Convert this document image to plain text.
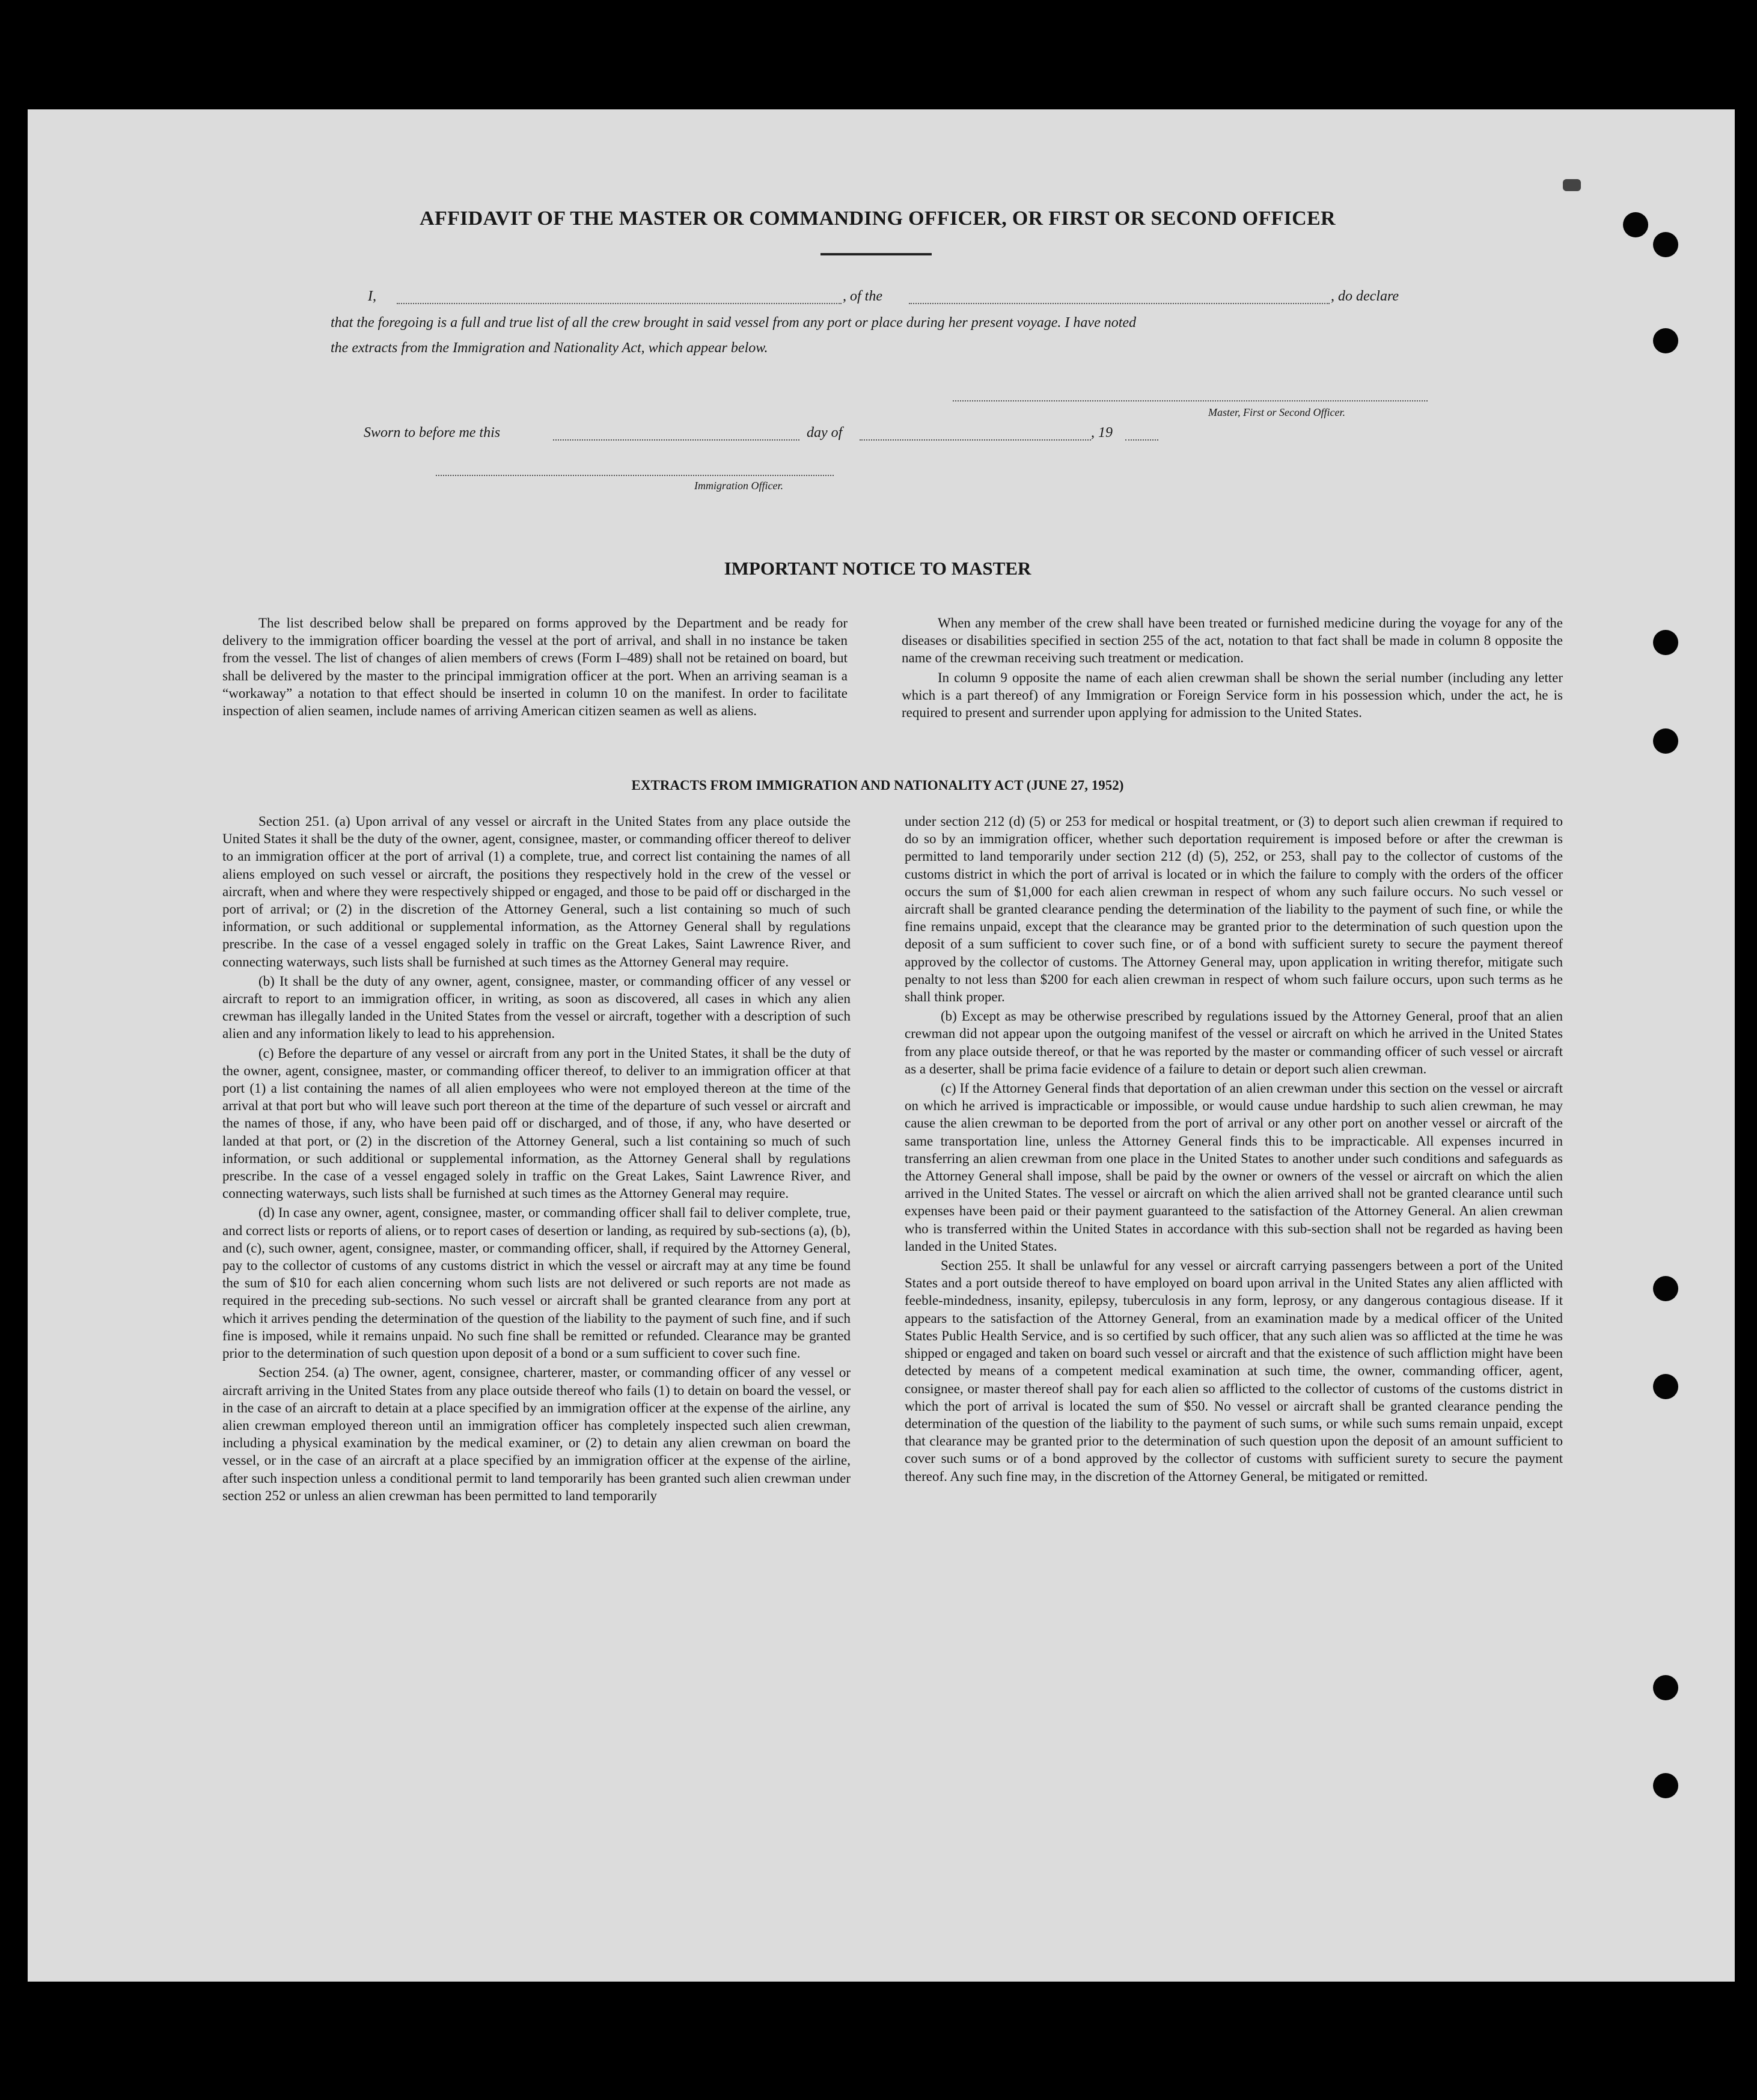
AFFIDAVIT OF THE MASTER OR COMMANDING OFFICER, OR FIRST OR SECOND OFFICER
I,	, of the	, do declare
that the foregoing is a full and true list of all the crew brought in said vessel from any port or place during her present voyage. I have noted
the extracts from the Immigration and Nationality Act, which appear below.
Master, First or Second Officer.
Sworn to before me this	day of	, 19
Immigration Officer.
IMPORTANT NOTICE TO MASTER

The list described below shall be prepared on forms approved by the Department and be ready for delivery to the immigration officer boarding the vessel at the port of arrival, and shall in no instance be taken from the vessel. The list of changes of alien members of crews (Form I–489) shall not be retained on board, but shall be delivered by the master to the principal immigration officer at the port. When an arriving seaman is a “workaway” a notation to that effect should be inserted in column 10 on the manifest. In order to facilitate inspection of alien seamen, include names of arriving American citizen seamen as well as aliens.

When any member of the crew shall have been treated or furnished medicine during the voyage for any of the diseases or disabilities specified in section 255 of the act, notation to that fact shall be made in column 8 opposite the name of the crewman receiving such treatment or medication.

In column 9 opposite the name of each alien crewman shall be shown the serial number (including any letter which is a part thereof) of any Immigration or Foreign Service form in his possession which, under the act, he is required to present and surrender upon applying for admission to the United States.

EXTRACTS FROM IMMIGRATION AND NATIONALITY ACT (JUNE 27, 1952)

Section 251. (a) Upon arrival of any vessel or aircraft in the United States from any place outside the United States it shall be the duty of the owner, agent, consignee, master, or commanding officer thereof to deliver to an immigration officer at the port of arrival (1) a complete, true, and correct list containing the names of all aliens employed on such vessel or aircraft, the positions they respectively hold in the crew of the vessel or aircraft, when and where they were respectively shipped or engaged, and those to be paid off or discharged in the port of arrival; or (2) in the discretion of the Attorney General, such a list containing so much of such information, or such additional or supplemental information, as the Attorney General shall by regulations prescribe. In the case of a vessel engaged solely in traffic on the Great Lakes, Saint Lawrence River, and connecting waterways, such lists shall be furnished at such times as the Attorney General may require.

(b) It shall be the duty of any owner, agent, consignee, master, or commanding officer of any vessel or aircraft to report to an immigration officer, in writing, as soon as discovered, all cases in which any alien crewman has illegally landed in the United States from the vessel or aircraft, together with a description of such alien and any information likely to lead to his apprehension.

(c) Before the departure of any vessel or aircraft from any port in the United States, it shall be the duty of the owner, agent, consignee, master, or commanding officer thereof, to deliver to an immigration officer at that port (1) a list containing the names of all alien employees who were not employed thereon at the time of the arrival at that port but who will leave such port thereon at the time of the departure of such vessel or aircraft and the names of those, if any, who have been paid off or discharged, and of those, if any, who have deserted or landed at that port, or (2) in the discretion of the Attorney General, such a list containing so much of such information, or such additional or supplemental information, as the Attorney General shall by regulations prescribe. In the case of a vessel engaged solely in traffic on the Great Lakes, Saint Lawrence River, and connecting waterways, such lists shall be furnished at such times as the Attorney General may require.

(d) In case any owner, agent, consignee, master, or commanding officer shall fail to deliver complete, true, and correct lists or reports of aliens, or to report cases of desertion or landing, as required by sub-sections (a), (b), and (c), such owner, agent, consignee, master, or commanding officer, shall, if required by the Attorney General, pay to the collector of customs of any customs district in which the vessel or aircraft may at any time be found the sum of $10 for each alien concerning whom such lists are not delivered or such reports are not made as required in the preceding sub-sections. No such vessel or aircraft shall be granted clearance from any port at which it arrives pending the determination of the question of the liability to the payment of such fine, and if such fine is imposed, while it remains unpaid. No such fine shall be remitted or refunded. Clearance may be granted prior to the determination of such question upon deposit of a bond or a sum sufficient to cover such fine.

Section 254. (a) The owner, agent, consignee, charterer, master, or commanding officer of any vessel or aircraft arriving in the United States from any place outside thereof who fails (1) to detain on board the vessel, or in the case of an aircraft to detain at a place specified by an immigration officer at the expense of the airline, any alien crewman employed thereon until an immigration officer has completely inspected such alien crewman, including a physical examination by the medical examiner, or (2) to detain any alien crewman on board the vessel, or in the case of an aircraft at a place specified by an immigration officer at the expense of the airline, after such inspection unless a conditional permit to land temporarily has been granted such alien crewman under section 252 or unless an alien crewman has been permitted to land temporarily

under section 212 (d) (5) or 253 for medical or hospital treatment, or (3) to deport such alien crewman if required to do so by an immigration officer, whether such deportation requirement is imposed before or after the crewman is permitted to land temporarily under section 212 (d) (5), 252, or 253, shall pay to the collector of customs of the customs district in which the port of arrival is located or in which the failure to comply with the orders of the officer occurs the sum of $1,000 for each alien crewman in respect of whom any such failure occurs. No such vessel or aircraft shall be granted clearance pending the determination of the liability to the payment of such fine, or while the fine remains unpaid, except that the clearance may be granted prior to the determination of such question upon the deposit of a sum sufficient to cover such fine, or of a bond with sufficient surety to secure the payment thereof approved by the collector of customs. The Attorney General may, upon application in writing therefor, mitigate such penalty to not less than $200 for each alien crewman in respect of whom such failure occurs, upon such terms as he shall think proper.

(b) Except as may be otherwise prescribed by regulations issued by the Attorney General, proof that an alien crewman did not appear upon the outgoing manifest of the vessel or aircraft on which he arrived in the United States from any place outside thereof, or that he was reported by the master or commanding officer of such vessel or aircraft as a deserter, shall be prima facie evidence of a failure to detain or deport such alien crewman.

(c) If the Attorney General finds that deportation of an alien crewman under this section on the vessel or aircraft on which he arrived is impracticable or impossible, or would cause undue hardship to such alien crewman, he may cause the alien crewman to be deported from the port of arrival or any other port on another vessel or aircraft of the same transportation line, unless the Attorney General finds this to be impracticable. All expenses incurred in transferring an alien crewman from one place in the United States to another under such conditions and safeguards as the Attorney General shall impose, shall be paid by the owner or owners of the vessel or aircraft on which the alien arrived in the United States. The vessel or aircraft on which the alien arrived shall not be granted clearance until such expenses have been paid or their payment guaranteed to the satisfaction of the Attorney General. An alien crewman who is transferred within the United States in accordance with this sub-section shall not be regarded as having been landed in the United States.

Section 255. It shall be unlawful for any vessel or aircraft carrying passengers between a port of the United States and a port outside thereof to have employed on board upon arrival in the United States any alien afflicted with feeble-mindedness, insanity, epilepsy, tuberculosis in any form, leprosy, or any dangerous contagious disease. If it appears to the satisfaction of the Attorney General, from an examination made by a medical officer of the United States Public Health Service, and is so certified by such officer, that any such alien was so afflicted at the time he was shipped or engaged and taken on board such vessel or aircraft and that the existence of such affliction might have been detected by means of a competent medical examination at such time, the owner, commanding officer, agent, consignee, or master thereof shall pay for each alien so afflicted to the collector of customs of the customs district in which the port of arrival is located the sum of $50. No vessel or aircraft shall be granted clearance pending the determination of the question of the liability to the payment of such sums, or while such sums remain unpaid, except that clearance may be granted prior to the determination of such question upon the deposit of an amount sufficient to cover such sums or of a bond approved by the collector of customs with sufficient surety to secure the payment thereof. Any such fine may, in the discretion of the Attorney General, be mitigated or remitted.
